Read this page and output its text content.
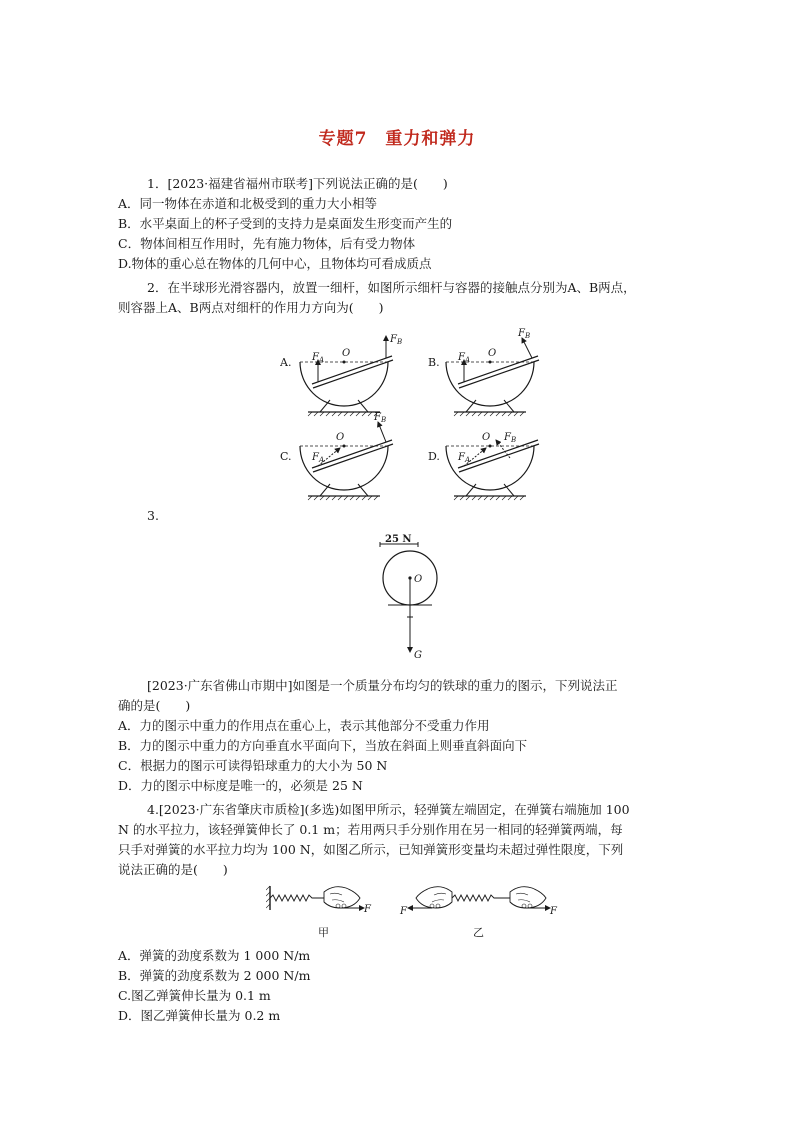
专题7　重力和弹力
1．[2023·福建省福州市联考]下列说法正确的是(　　)
A．同一物体在赤道和北极受到的重力大小相等
B．水平桌面上的杯子受到的支持力是桌面发生形变而产生的
C．物体间相互作用时，先有施力物体，后有受力物体
D.物体的重心总在物体的几何中心，且物体均可看成质点
2．在半球形光滑容器内，放置一细杆，如图所示细杆与容器的接触点分别为A、B两点，
则容器上A、B两点对细杆的作用力方向为(　　)
A.
O
$F_A$
$F_B$
B.
O
$F_A$
$F_B$
C.
O
$F_A$
$F_B$
D.
O
$F_A$
$F_B$
3.
25 N
O
G
[2023·广东省佛山市期中]如图是一个质量分布均匀的铁球的重力的图示，下列说法正
确的是(　　)
A．力的图示中重力的作用点在重心上，表示其他部分不受重力作用
B．力的图示中重力的方向垂直水平面向下，当放在斜面上则垂直斜面向下
C．根据力的图示可读得铅球重力的大小为 50 N
D．力的图示中标度是唯一的，必须是 25 N
4.[2023·广东省肇庆市质检](多选)如图甲所示，轻弹簧左端固定，在弹簧右端施加 100
N 的水平拉力，该轻弹簧伸长了 0.1 m；若用两只手分别作用在另一相同的轻弹簧两端，每
只手对弹簧的水平拉力均为 100 N，如图乙所示，已知弹簧形变量均未超过弹性限度，下列
说法正确的是(　　)
F
甲
F	F
乙
A．弹簧的劲度系数为 1 000 N/m
B．弹簧的劲度系数为 2 000 N/m
C.图乙弹簧伸长量为 0.1 m
D．图乙弹簧伸长量为 0.2 m
